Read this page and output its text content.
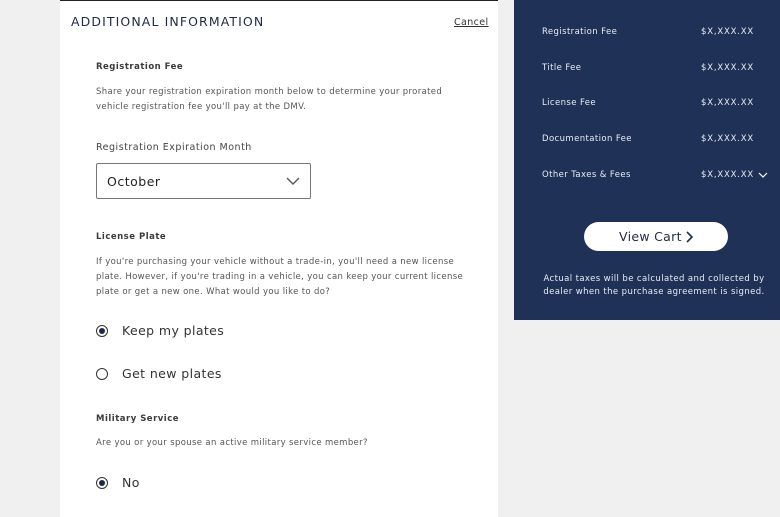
ADDITIONAL INFORMATION	Cancel
Registration Fee
Share your registration expiration month below to determine your prorated
vehicle registration fee you'll pay at the DMV.
Registration Expiration Month
October
License Plate
If you're purchasing your vehicle without a trade-in, you'll need a new license
plate. However, if you're trading in a vehicle, you can keep your current license
plate or get a new one. What would you like to do?
Keep my plates
Get new plates
Military Service
Are you or your spouse an active military service member?
No
Registration Fee	$X,XXX.XX
Title Fee	$X,XXX.XX
License Fee	$X,XXX.XX
Documentation Fee	$X,XXX.XX
Other Taxes & Fees	$X,XXX.XX
View Cart
Actual taxes will be calculated and collected by
dealer when the purchase agreement is signed.
